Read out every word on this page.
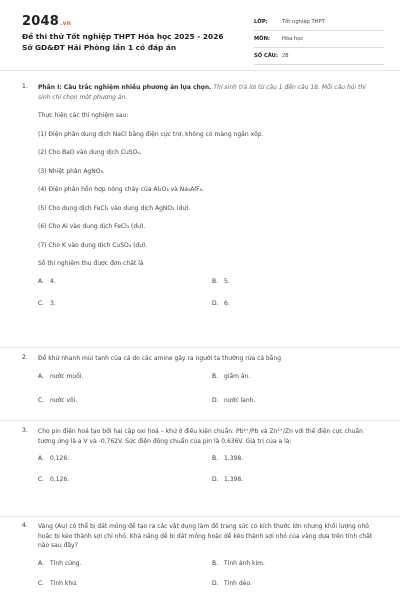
2048.vn
Đề thi thử Tốt nghiệp THPT Hóa học 2025 - 2026 Sở GD&ĐT Hải Phòng lần 1 có đáp án
LỚP:	Tốt nghiệp THPT
MÔN:	Hóa học
SỐ CÂU: 28
1. Phần I: Câu trắc nghiệm nhiều phương án lựa chọn. Thí sinh trả lời từ câu 1 đến câu 18. Mỗi câu hỏi thí sinh chỉ chọn một phương án.

Thực hiện các thí nghiệm sau:

(1) Điện phân dung dịch NaCl bằng điện cực trơ, không có màng ngăn xốp.

(2) Cho BaO vào dung dịch CuSO₄.

(3) Nhiệt phân AgNO₃.

(4) Điện phân hỗn hợp nóng chảy của Al₂O₃ và Na₃AlF₆.

(5) Cho dung dịch FeCl₂ vào dung dịch AgNO₃ (dư).

(6) Cho Al vào dung dịch FeCl₃ (dư).

(7) Cho K vào dung dịch CuSO₄ (dư).

Số thí nghiệm thu được đơn chất là

A. 4.	B. 5.
C. 3.	D. 6.
2. Để khử nhanh mùi tanh của cá do các amine gây ra người ta thường rửa cá bằng

A. nước muối.	B. giấm ăn.
C. nước vôi.	D. nước lạnh.
3. Cho pin điện hoá tạo bởi hai cặp oxi hoá – khử ở điều kiện chuẩn: Pb²⁺/Pb và Zn²⁺/Zn với thế điện cực chuẩn tương ứng là a V và -0,762V. Sức điện động chuẩn của pin là 0,636V. Giá trị của a là:

A. 0,126.	B. 1,398.
C. 0,126.	D. 1,398.
4. Vàng (Au) có thể bị dát mỏng để tạo ra các vật dụng làm đồ trang sức có kích thước lớn nhưng khối lượng nhỏ hoặc bị kéo thành sợi chỉ nhỏ. Khả năng dễ bị dát mỏng hoặc dễ kéo thành sợi nhỏ của vàng dựa trên tính chất nào sau đây?

A. Tính cứng.	B. Tính ánh kim.
C. Tính khử.	D. Tính dẻo.
